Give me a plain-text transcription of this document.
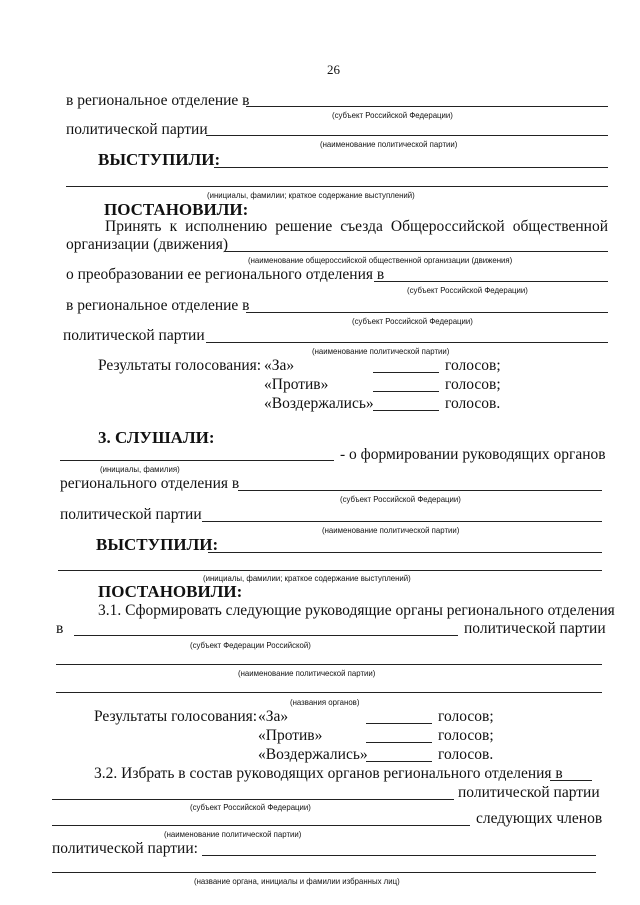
26
в региональное отделение в
(субъект Российской Федерации)
политической партии
(наименование политической партии)
ВЫСТУПИЛИ:
(инициалы, фамилии; краткое содержание выступлений)
ПОСТАНОВИЛИ:
Принять к исполнению решение съезда Общероссийской общественной
организации (движения)
(наименование общероссийской общественной организации (движения)
о преобразовании ее регионального отделения в
(субъект Российской Федерации)
в региональное отделение в
(субъект Российской Федерации)
политической партии
(наименование политической партии)
Результаты голосования: «За»	голосов;
«Против»	голосов;
«Воздержались»	голосов.
3. СЛУШАЛИ:
- о формировании руководящих органов
(инициалы, фамилия)
регионального отделения в
(субъект Российской Федерации)
политической партии
(наименование политической партии)
ВЫСТУПИЛИ:
(инициалы, фамилии; краткое содержание выступлений)
ПОСТАНОВИЛИ:
3.1. Сформировать следующие руководящие органы регионального отделения
в	политической партии
(субъект Федерации Российской)
(наименование политической партии)
(названия органов)
Результаты голосования: «За»	голосов;
«Против»	голосов;
«Воздержались»	голосов.
3.2. Избрать в состав руководящих органов регионального отделения в
политической партии
(субъект Российской Федерации)
следующих членов
(наименование политической партии)
политической партии:
(название органа, инициалы и фамилии избранных лиц)
